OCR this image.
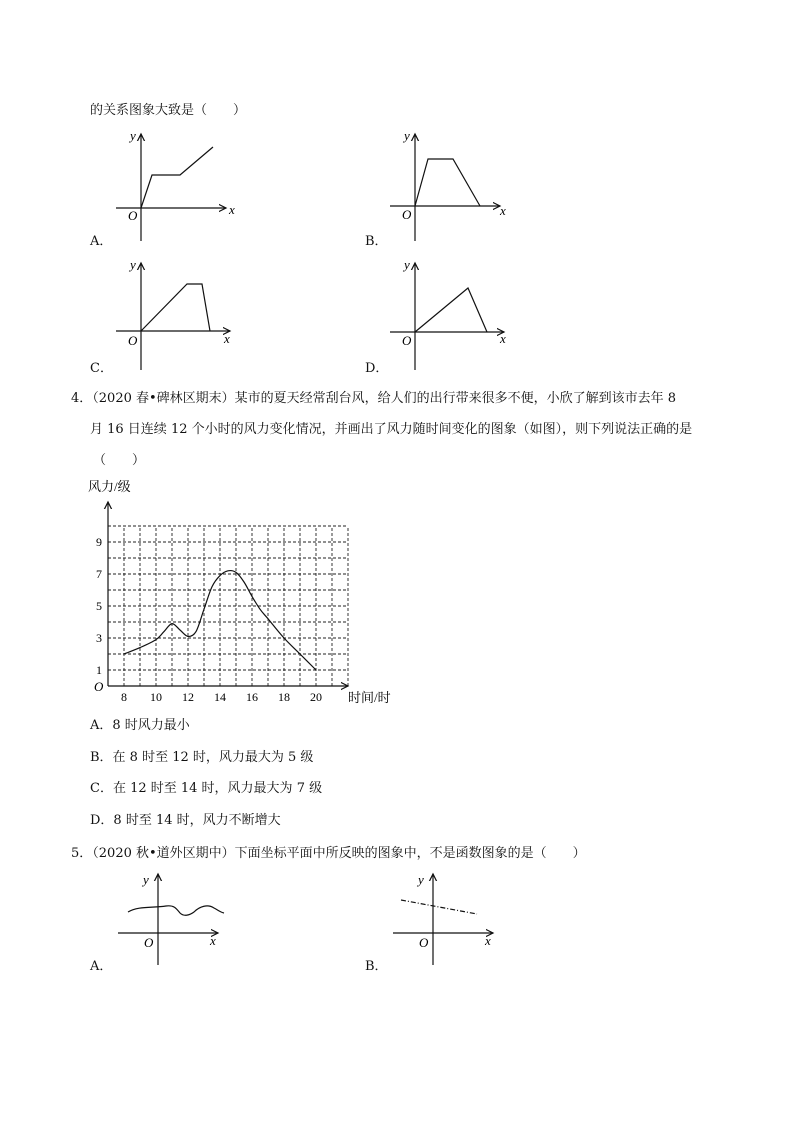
的关系图象大致是（　　）
y
x
O
A．
y
x
O
B．
y
x
O
C．
y
x
O
D．
4．（2020 春•碑林区期末）某市的夏天经常刮台风，给人们的出行带来很多不便，小欣了解到该市去年 8
月 16 日连续 12 个小时的风力变化情况，并画出了风力随时间变化的图象（如图），则下列说法正确的是
（　　）
风力/级
时间/时
O
8 10 12 14 16 18 20
1
3
5
7
9
A．8 时风力最小
B．在 8 时至 12 时，风力最大为 5 级
C．在 12 时至 14 时，风力最大为 7 级
D．8 时至 14 时，风力不断增大
5．（2020 秋•道外区期中）下面坐标平面中所反映的图象中，不是函数图象的是（　　）
y
x
O
A．
y
x
O
B．
